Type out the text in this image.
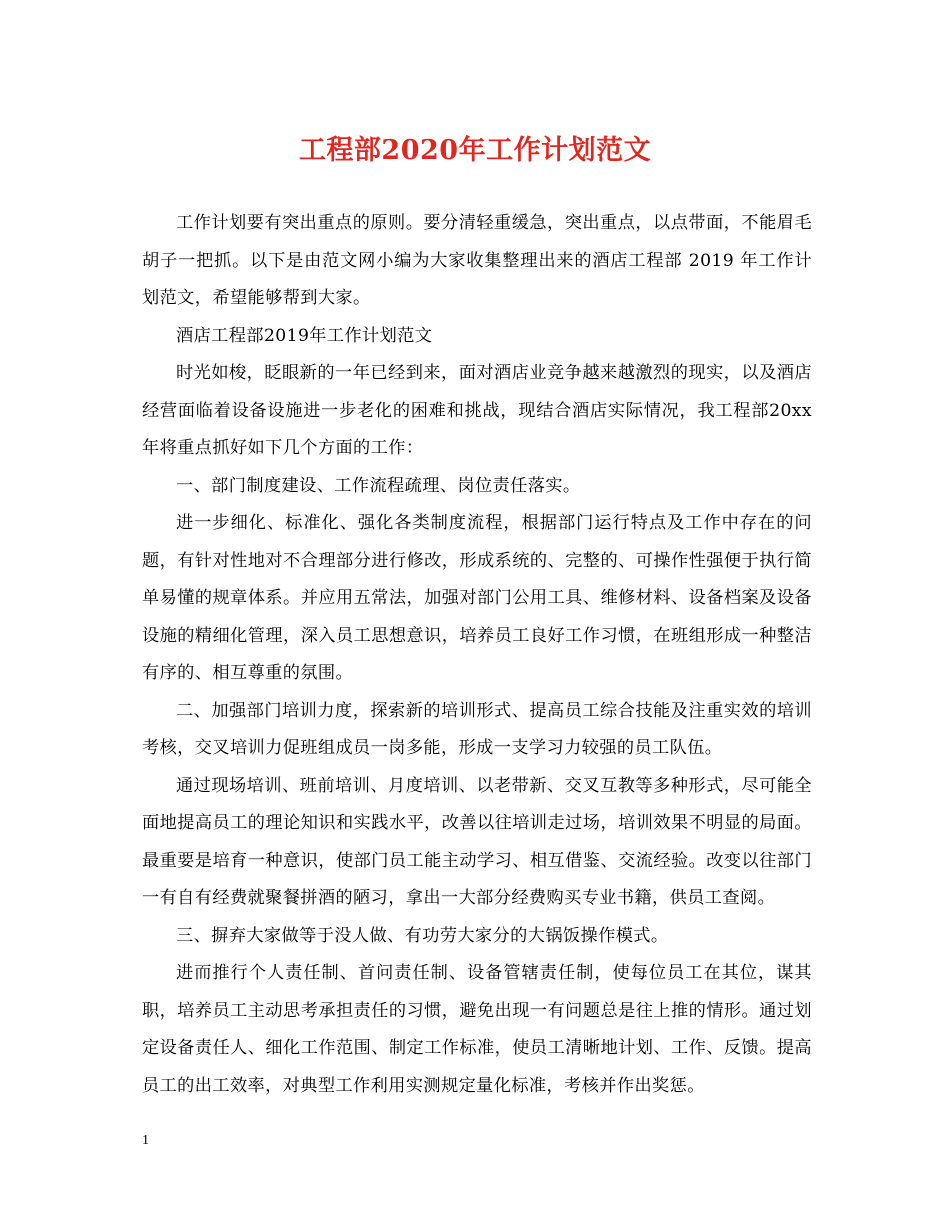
工程部2020年工作计划范文

工作计划要有突出重点的原则。要分清轻重缓急，突出重点，以点带面，不能眉毛胡子一把抓。以下是由范文网小编为大家收集整理出来的酒店工程部 2019 年工作计划范文，希望能够帮到大家。

酒店工程部2019年工作计划范文

时光如梭，眨眼新的一年已经到来，面对酒店业竞争越来越激烈的现实，以及酒店经营面临着设备设施进一步老化的困难和挑战，现结合酒店实际情况，我工程部20xx年将重点抓好如下几个方面的工作：

一、部门制度建设、工作流程疏理、岗位责任落实。

进一步细化、标准化、强化各类制度流程，根据部门运行特点及工作中存在的问题，有针对性地对不合理部分进行修改，形成系统的、完整的、可操作性强便于执行简单易懂的规章体系。并应用五常法，加强对部门公用工具、维修材料、设备档案及设备设施的精细化管理，深入员工思想意识，培养员工良好工作习惯，在班组形成一种整洁有序的、相互尊重的氛围。

二、加强部门培训力度，探索新的培训形式、提高员工综合技能及注重实效的培训考核，交叉培训力促班组成员一岗多能，形成一支学习力较强的员工队伍。

通过现场培训、班前培训、月度培训、以老带新、交叉互教等多种形式，尽可能全面地提高员工的理论知识和实践水平，改善以往培训走过场，培训效果不明显的局面。最重要是培育一种意识，使部门员工能主动学习、相互借鉴、交流经验。改变以往部门一有自有经费就聚餐拼酒的陋习，拿出一大部分经费购买专业书籍，供员工查阅。

三、摒弃大家做等于没人做、有功劳大家分的大锅饭操作模式。

进而推行个人责任制、首问责任制、设备管辖责任制，使每位员工在其位，谋其职，培养员工主动思考承担责任的习惯，避免出现一有问题总是往上推的情形。通过划定设备责任人、细化工作范围、制定工作标准，使员工清晰地计划、工作、反馈。提高员工的出工效率，对典型工作利用实测规定量化标准，考核并作出奖惩。

1
